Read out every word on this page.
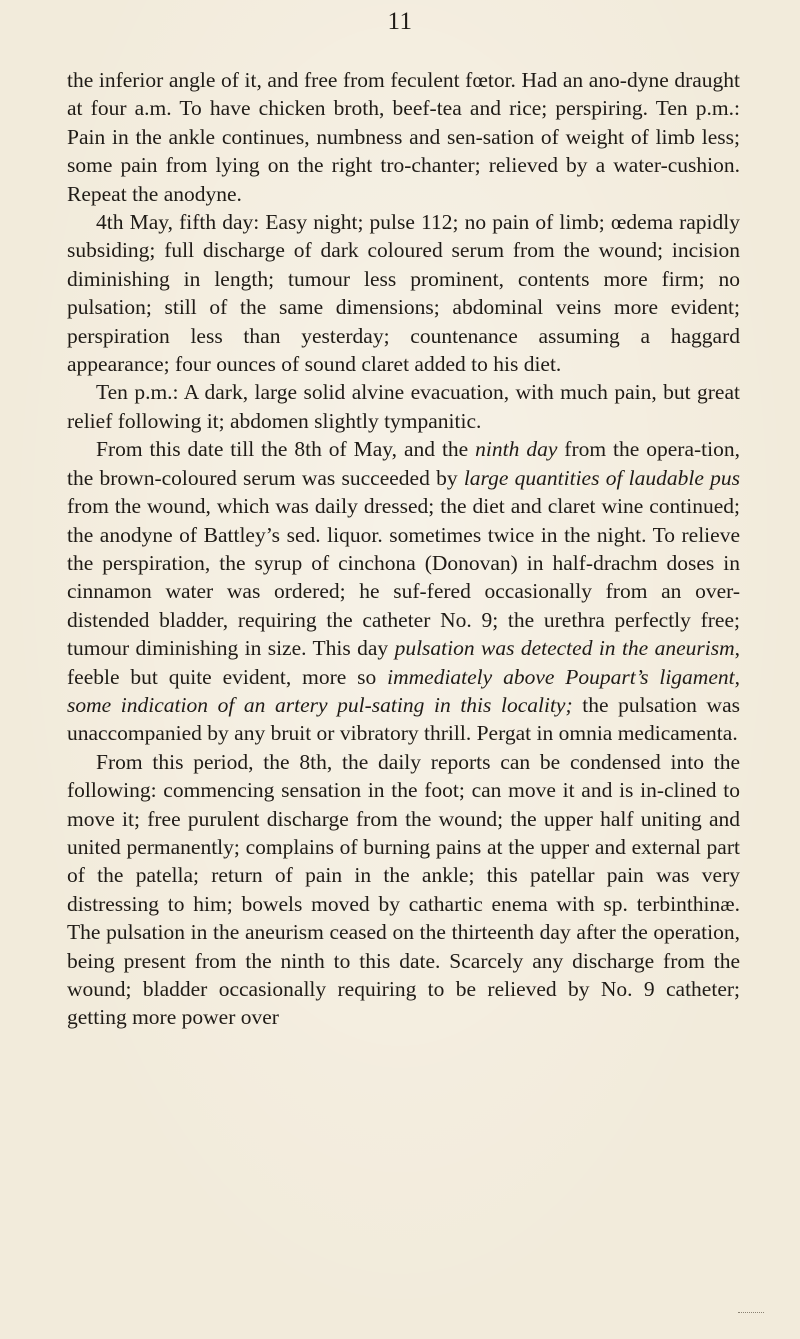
11

the inferior angle of it, and free from feculent fœtor. Had an ano-dyne draught at four a.m. To have chicken broth, beef-tea and rice; perspiring. Ten p.m.: Pain in the ankle continues, numbness and sen-sation of weight of limb less; some pain from lying on the right tro-chanter; relieved by a water-cushion. Repeat the anodyne.

4th May, fifth day: Easy night; pulse 112; no pain of limb; œdema rapidly subsiding; full discharge of dark coloured serum from the wound; incision diminishing in length; tumour less prominent, contents more firm; no pulsation; still of the same dimensions; abdominal veins more evident; perspiration less than yesterday; countenance assuming a haggard appearance; four ounces of sound claret added to his diet.

Ten p.m.: A dark, large solid alvine evacuation, with much pain, but great relief following it; abdomen slightly tympanitic.

From this date till the 8th of May, and the ninth day from the opera-tion, the brown-coloured serum was succeeded by large quantities of laudable pus from the wound, which was daily dressed; the diet and claret wine continued; the anodyne of Battley’s sed. liquor. sometimes twice in the night. To relieve the perspiration, the syrup of cinchona (Donovan) in half-drachm doses in cinnamon water was ordered; he suf-fered occasionally from an over-distended bladder, requiring the catheter No. 9; the urethra perfectly free; tumour diminishing in size. This day pulsation was detected in the aneurism, feeble but quite evident, more so immediately above Poupart’s ligament, some indication of an artery pul-sating in this locality; the pulsation was unaccompanied by any bruit or vibratory thrill. Pergat in omnia medicamenta.

From this period, the 8th, the daily reports can be condensed into the following: commencing sensation in the foot; can move it and is in-clined to move it; free purulent discharge from the wound; the upper half uniting and united permanently; complains of burning pains at the upper and external part of the patella; return of pain in the ankle; this patellar pain was very distressing to him; bowels moved by cathartic enema with sp. terbinthinæ. The pulsation in the aneurism ceased on the thirteenth day after the operation, being present from the ninth to this date. Scarcely any discharge from the wound; bladder occasionally requiring to be relieved by No. 9 catheter; getting more power over
